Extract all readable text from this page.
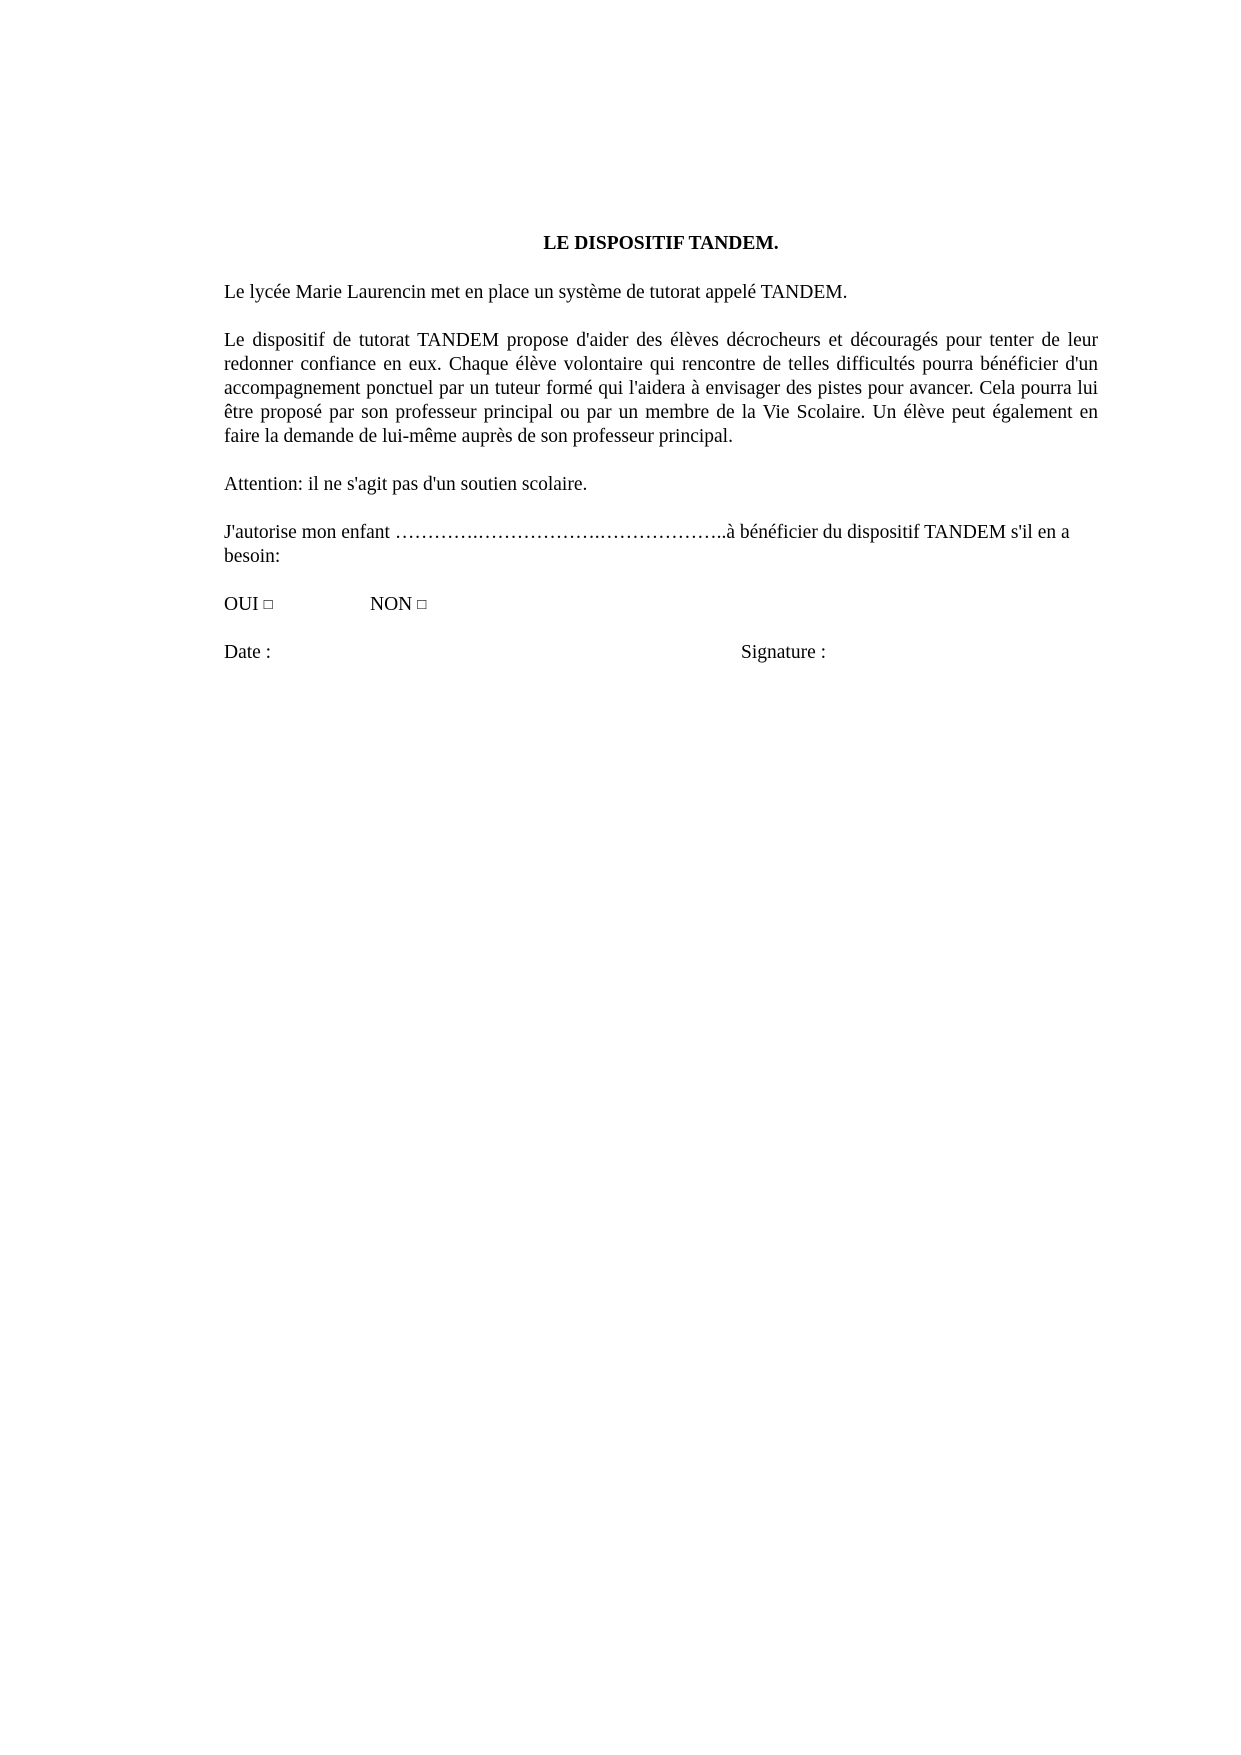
LE DISPOSITIF TANDEM.

Le lycée Marie Laurencin met en place un système de tutorat appelé TANDEM.

Le dispositif de tutorat TANDEM propose d'aider des élèves décrocheurs et découragés pour tenter de leur redonner confiance en eux. Chaque élève volontaire qui rencontre de telles difficultés pourra bénéficier d'un accompagnement ponctuel par un tuteur formé qui l'aidera à envisager des pistes pour avancer. Cela pourra lui être proposé par son professeur principal ou par un membre de la Vie Scolaire. Un élève peut également en faire la demande de lui-même auprès de son professeur principal.

Attention: il ne s'agit pas d'un soutien scolaire.

J'autorise mon enfant ………….……………….………………..à bénéficier du dispositif TANDEM s'il en a besoin:

OUI □	NON □
Date :	Signature :
